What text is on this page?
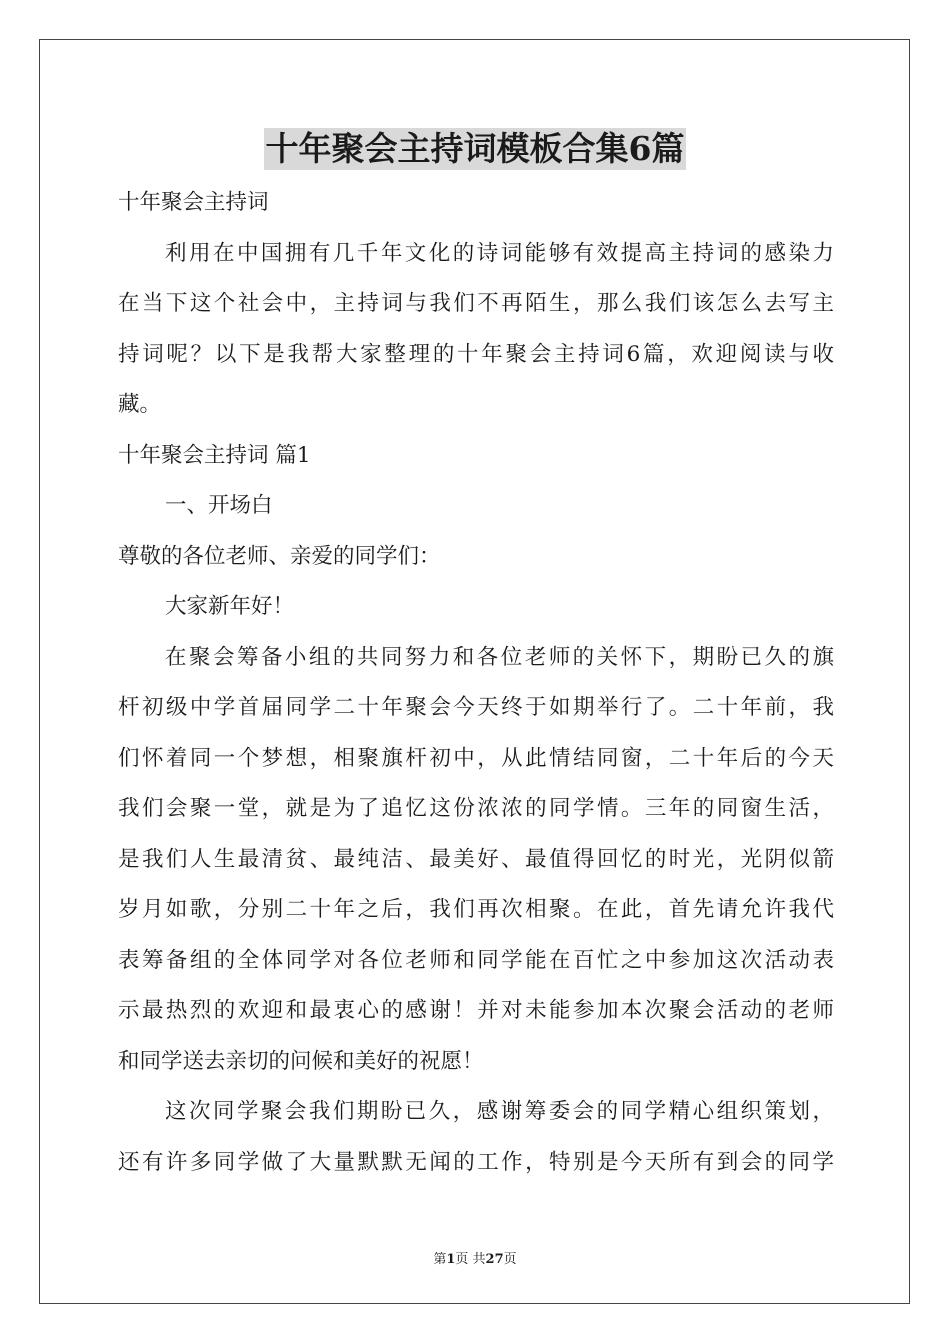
十年聚会主持词模板合集6篇
十年聚会主持词
利用在中国拥有几千年文化的诗词能够有效提高主持词的感染力
在当下这个社会中，主持词与我们不再陌生，那么我们该怎么去写主
持词呢？以下是我帮大家整理的十年聚会主持词6篇，欢迎阅读与收
藏。
十年聚会主持词 篇1
一、开场白
尊敬的各位老师、亲爱的同学们：
大家新年好！
在聚会筹备小组的共同努力和各位老师的关怀下，期盼已久的旗
杆初级中学首届同学二十年聚会今天终于如期举行了。二十年前，我
们怀着同一个梦想，相聚旗杆初中，从此情结同窗，二十年后的今天
我们会聚一堂，就是为了追忆这份浓浓的同学情。三年的同窗生活，
是我们人生最清贫、最纯洁、最美好、最值得回忆的时光，光阴似箭
岁月如歌，分别二十年之后，我们再次相聚。在此，首先请允许我代
表筹备组的全体同学对各位老师和同学能在百忙之中参加这次活动表
示最热烈的欢迎和最衷心的感谢！并对未能参加本次聚会活动的老师
和同学送去亲切的问候和美好的祝愿！
这次同学聚会我们期盼已久，感谢筹委会的同学精心组织策划，
还有许多同学做了大量默默无闻的工作，特别是今天所有到会的同学
第1页 共27页
